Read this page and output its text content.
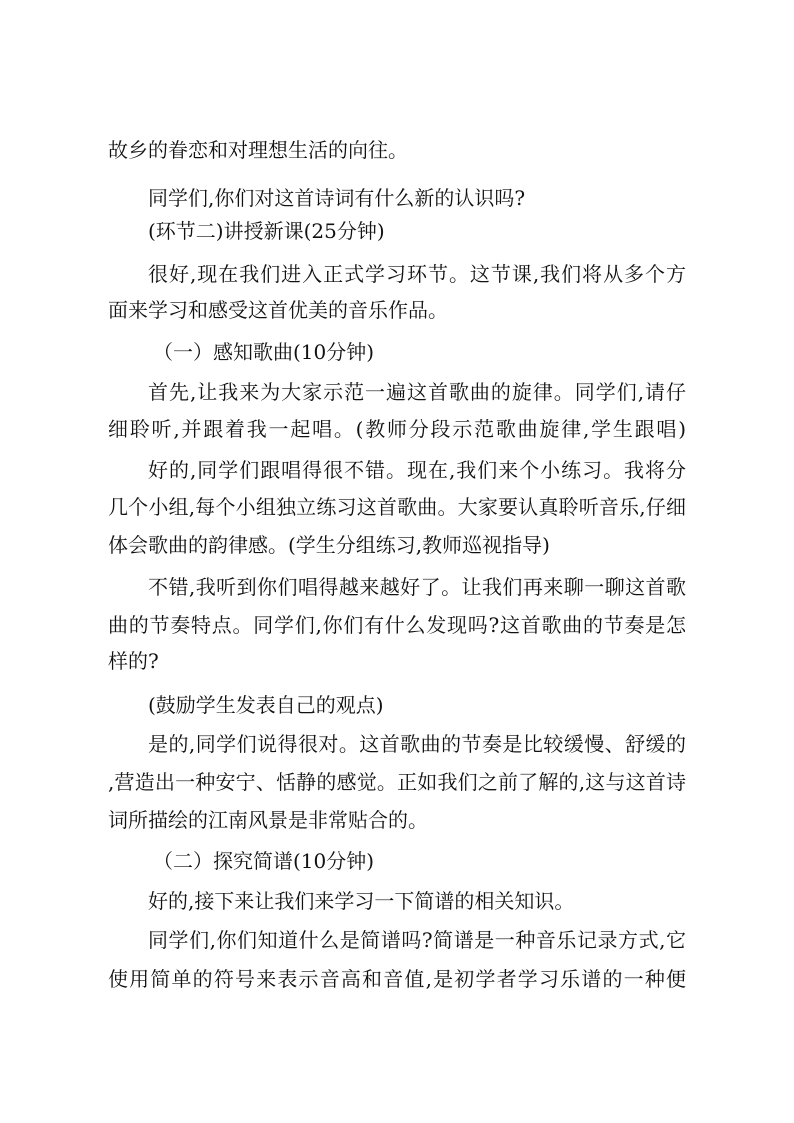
故乡的眷恋和对理想生活的向往。
同学们,你们对这首诗词有什么新的认识吗?
(环节二)讲授新课(25分钟)
很好,现在我们进入正式学习环节。这节课,我们将从多个方
面来学习和感受这首优美的音乐作品。
（一）感知歌曲(10分钟)
首先,让我来为大家示范一遍这首歌曲的旋律。同学们,请仔
细聆听,并跟着我一起唱。(教师分段示范歌曲旋律,学生跟唱)
好的,同学们跟唱得很不错。现在,我们来个小练习。我将分
几个小组,每个小组独立练习这首歌曲。大家要认真聆听音乐,仔细
体会歌曲的韵律感。(学生分组练习,教师巡视指导)
不错,我听到你们唱得越来越好了。让我们再来聊一聊这首歌
曲的节奏特点。同学们,你们有什么发现吗?这首歌曲的节奏是怎
样的?
(鼓励学生发表自己的观点)
是的,同学们说得很对。这首歌曲的节奏是比较缓慢、舒缓的
,营造出一种安宁、恬静的感觉。正如我们之前了解的,这与这首诗
词所描绘的江南风景是非常贴合的。
（二）探究简谱(10分钟)
好的,接下来让我们来学习一下简谱的相关知识。
同学们,你们知道什么是简谱吗?简谱是一种音乐记录方式,它
使用简单的符号来表示音高和音值,是初学者学习乐谱的一种便
